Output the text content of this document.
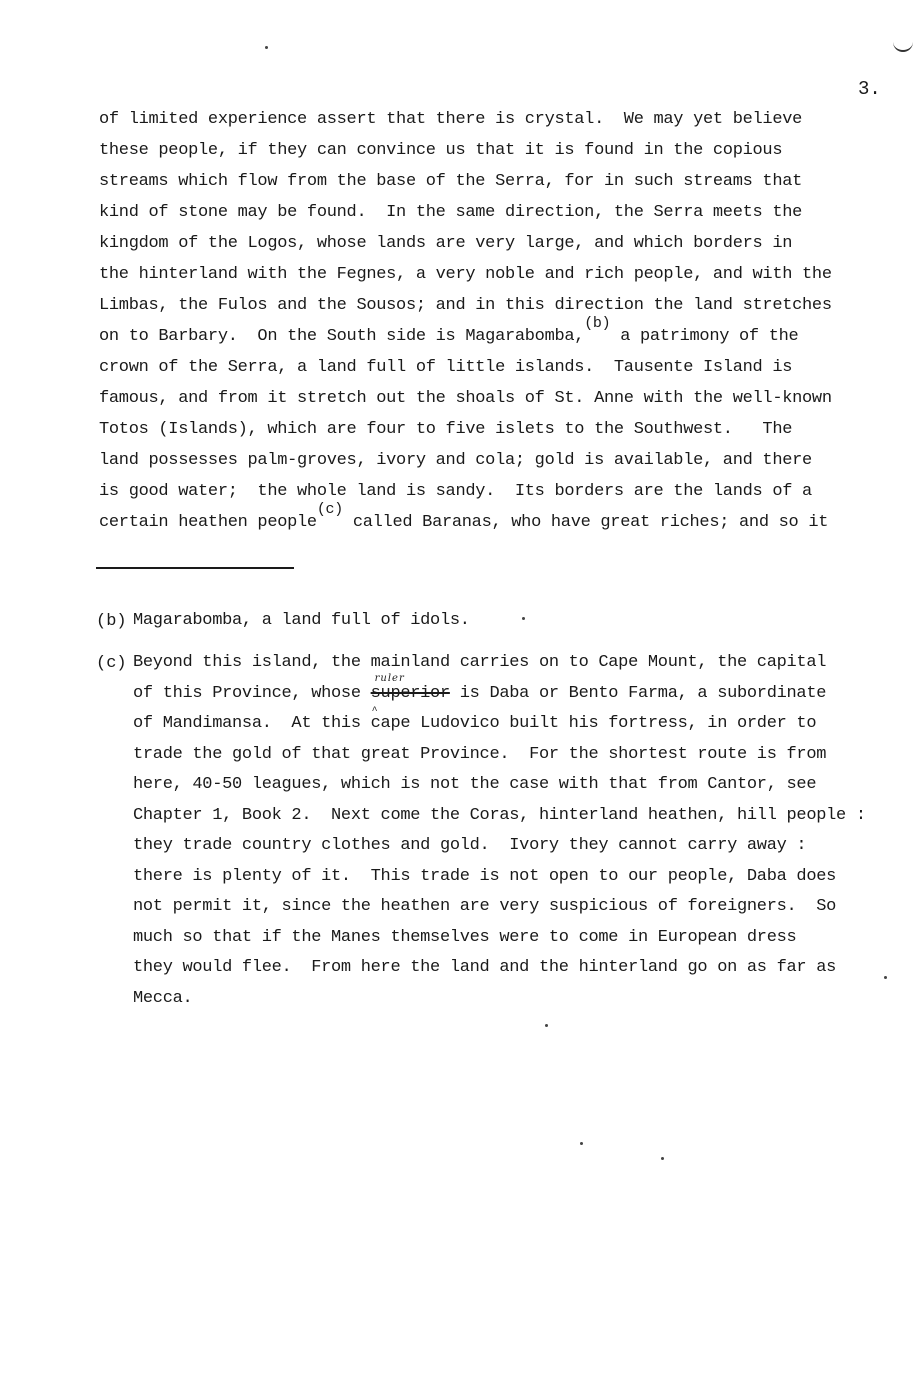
3.
of limited experience assert that there is crystal.  We may yet believe
these people, if they can convince us that it is found in the copious
streams which flow from the base of the Serra, for in such streams that
kind of stone may be found.  In the same direction, the Serra meets the
kingdom of the Logos, whose lands are very large, and which borders in
the hinterland with the Fegnes, a very noble and rich people, and with the
Limbas, the Fulos and the Sousos; and in this direction the land stretches
on to Barbary.  On the South side is Magarabomba,(b) a patrimony of the
crown of the Serra, a land full of little islands.  Tausente Island is
famous, and from it stretch out the shoals of St. Anne with the well-known
Totos (Islands), which are four to five islets to the Southwest.   The
land possesses palm-groves, ivory and cola; gold is available, and there
is good water;  the whole land is sandy.  Its borders are the lands of a
certain heathen people(c) called Baranas, who have great riches; and so it
(b) Magarabomba, a land full of idols.
(c) Beyond this island, the mainland carries on to Cape Mount, the capital
of this Province, whose superior
ruler
^
is Daba or Bento Farma, a subordinate
of Mandimansa.  At this cape Ludovico built his fortress, in order to
trade the gold of that great Province.  For the shortest route is from
here, 40-50 leagues, which is not the case with that from Cantor, see
Chapter 1, Book 2.  Next come the Coras, hinterland heathen, hill people :
they trade country clothes and gold.  Ivory they cannot carry away :
there is plenty of it.  This trade is not open to our people, Daba does
not permit it, since the heathen are very suspicious of foreigners.  So
much so that if the Manes themselves were to come in European dress
they would flee.  From here the land and the hinterland go on as far as
Mecca.
